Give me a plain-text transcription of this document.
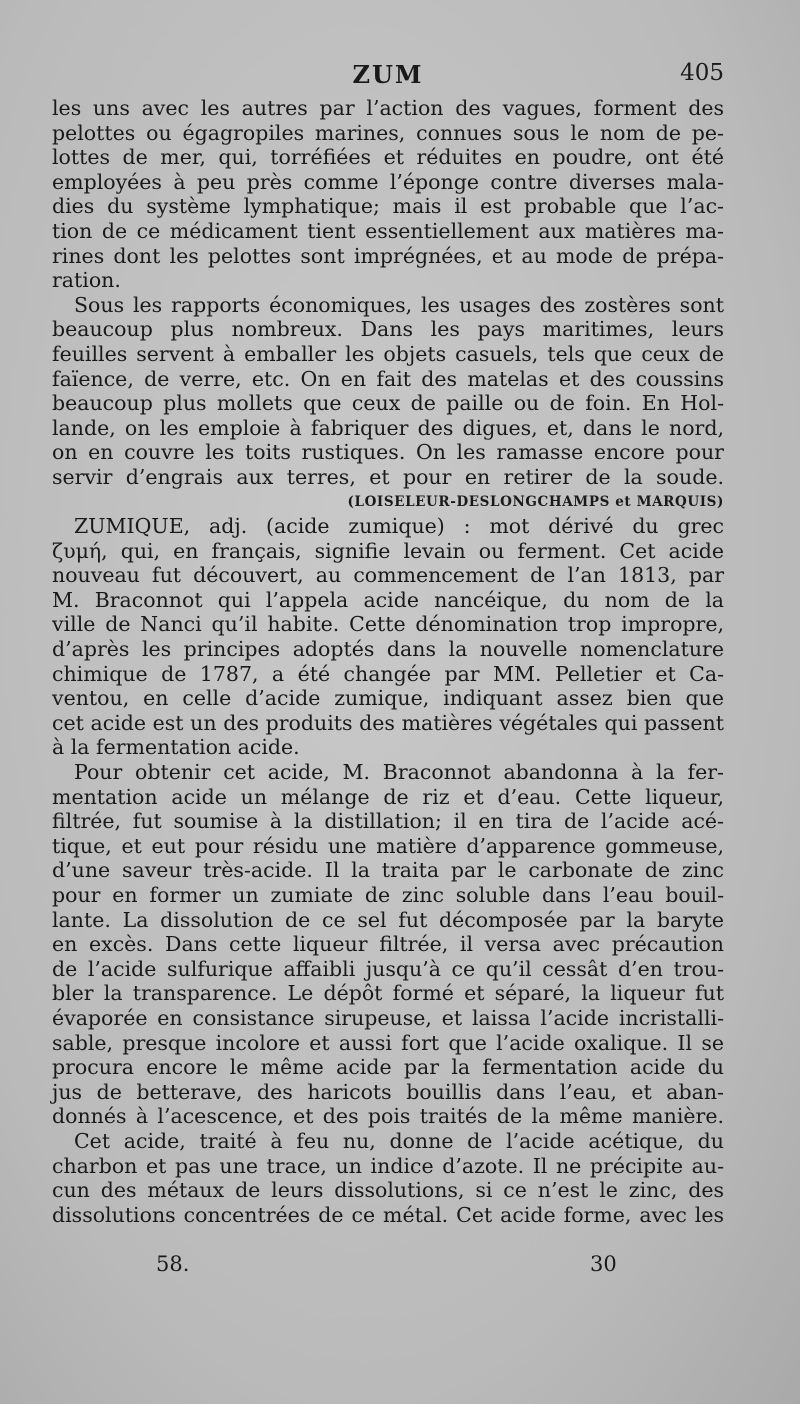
ZUM	405
les uns avec les autres par l’action des vagues, forment des
pelottes ou égagropiles marines, connues sous le nom de pe-
lottes de mer, qui, torréfiées et réduites en poudre, ont été
employées à peu près comme l’éponge contre diverses mala-
dies du système lymphatique; mais il est probable que l’ac-
tion de ce médicament tient essentiellement aux matières ma-
rines dont les pelottes sont imprégnées, et au mode de prépa-
ration.
Sous les rapports économiques, les usages des zostères sont
beaucoup plus nombreux. Dans les pays maritimes, leurs
feuilles servent à emballer les objets casuels, tels que ceux de
faïence, de verre, etc. On en fait des matelas et des coussins
beaucoup plus mollets que ceux de paille ou de foin. En Hol-
lande, on les emploie à fabriquer des digues, et, dans le nord,
on en couvre les toits rustiques. On les ramasse encore pour
servir d’engrais aux terres, et pour en retirer de la soude.
(LOISELEUR-DESLONGCHAMPS et MARQUIS)
ZUMIQUE, adj. (acide zumique) : mot dérivé du grec
ζυμή, qui, en français, signifie levain ou ferment. Cet acide
nouveau fut découvert, au commencement de l’an 1813, par
M. Braconnot qui l’appela acide nancéique, du nom de la
ville de Nanci qu’il habite. Cette dénomination trop impropre,
d’après les principes adoptés dans la nouvelle nomenclature
chimique de 1787, a été changée par MM. Pelletier et Ca-
ventou, en celle d’acide zumique, indiquant assez bien que
cet acide est un des produits des matières végétales qui passent
à la fermentation acide.
Pour obtenir cet acide, M. Braconnot abandonna à la fer-
mentation acide un mélange de riz et d’eau. Cette liqueur,
filtrée, fut soumise à la distillation; il en tira de l’acide acé-
tique, et eut pour résidu une matière d’apparence gommeuse,
d’une saveur très-acide. Il la traita par le carbonate de zinc
pour en former un zumiate de zinc soluble dans l’eau bouil-
lante. La dissolution de ce sel fut décomposée par la baryte
en excès. Dans cette liqueur filtrée, il versa avec précaution
de l’acide sulfurique affaibli jusqu’à ce qu’il cessât d’en trou-
bler la transparence. Le dépôt formé et séparé, la liqueur fut
évaporée en consistance sirupeuse, et laissa l’acide incristalli-
sable, presque incolore et aussi fort que l’acide oxalique. Il se
procura encore le même acide par la fermentation acide du
jus de betterave, des haricots bouillis dans l’eau, et aban-
donnés à l’acescence, et des pois traités de la même manière.
Cet acide, traité à feu nu, donne de l’acide acétique, du
charbon et pas une trace, un indice d’azote. Il ne précipite au-
cun des métaux de leurs dissolutions, si ce n’est le zinc, des
dissolutions concentrées de ce métal. Cet acide forme, avec les
58.	30
